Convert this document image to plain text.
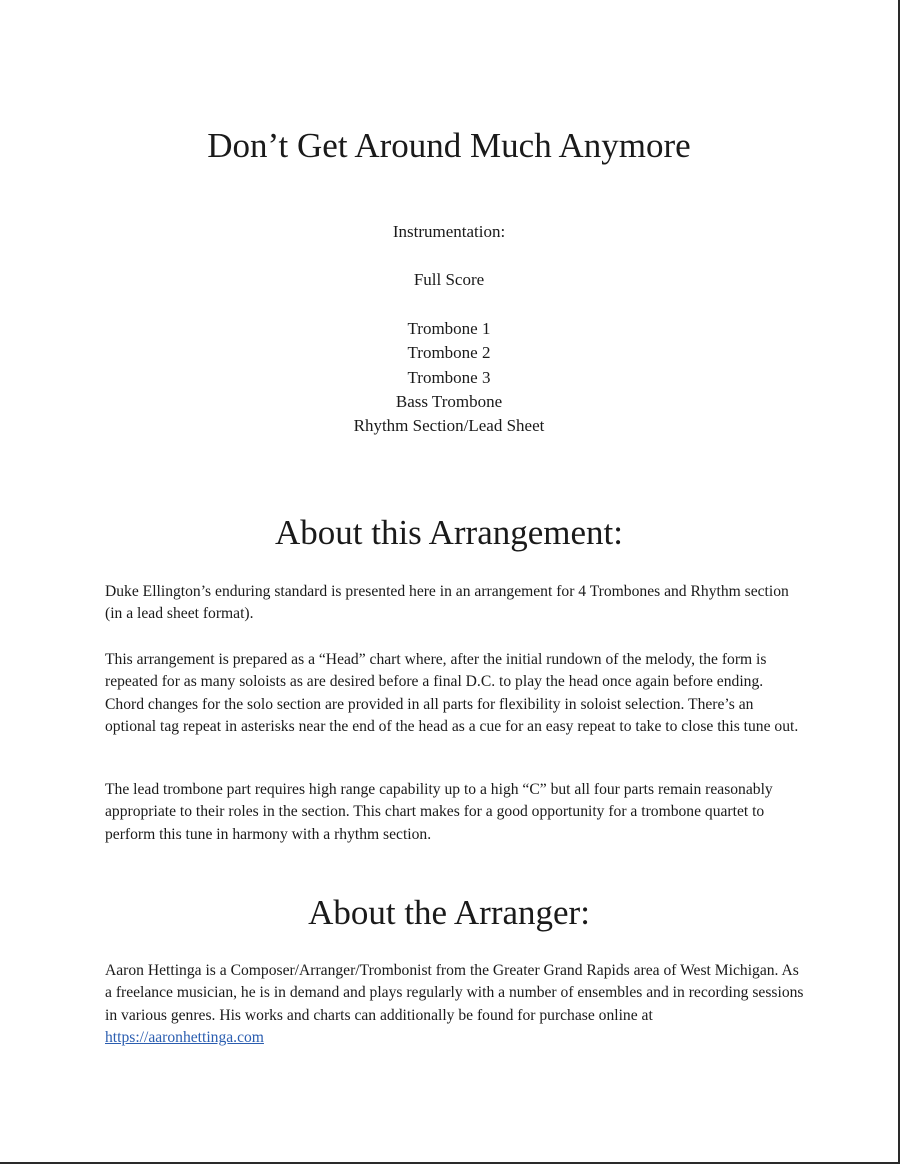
Don’t Get Around Much Anymore
Instrumentation:
Full Score
Trombone 1
Trombone 2
Trombone 3
Bass Trombone
Rhythm Section/Lead Sheet
About this Arrangement:

Duke Ellington’s enduring standard is presented here in an arrangement for 4 Trombones and Rhythm section (in a lead sheet format).

This arrangement is prepared as a “Head” chart where, after the initial rundown of the melody, the form is repeated for as many soloists as are desired before a final D.C. to play the head once again before ending. Chord changes for the solo section are provided in all parts for flexibility in soloist selection. There’s an optional tag repeat in asterisks near the end of the head as a cue for an easy repeat to take to close this tune out.

The lead trombone part requires high range capability up to a high “C” but all four parts remain reasonably appropriate to their roles in the section. This chart makes for a good opportunity for a trombone quartet to perform this tune in harmony with a rhythm section.

About the Arranger:

Aaron Hettinga is a Composer/Arranger/Trombonist from the Greater Grand Rapids area of West Michigan. As a freelance musician, he is in demand and plays regularly with a number of ensembles and in recording sessions in various genres. His works and charts can additionally be found for purchase online at https://aaronhettinga.com
